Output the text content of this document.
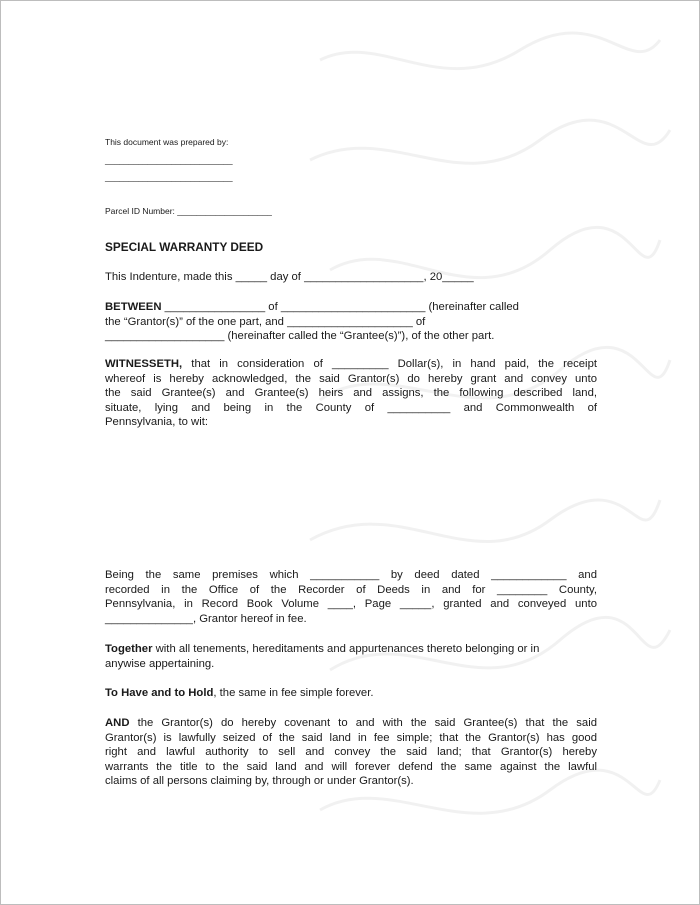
This document was prepared by:
___________________________
___________________________
Parcel ID Number: ____________________
SPECIAL WARRANTY DEED
This Indenture, made this _____ day of ___________________, 20_____
BETWEEN ________________ of _______________________ (hereinafter called
the “Grantor(s)” of the one part, and ____________________ of
___________________ (hereinafter called the “Grantee(s)”), of the other part.
WITNESSETH, that in consideration of _________ Dollar(s), in hand paid, the receipt
whereof is hereby acknowledged, the said Grantor(s) do hereby grant and convey unto
the said Grantee(s) and Grantee(s) heirs and assigns, the following described land,
situate, lying and being in the County of __________ and Commonwealth of
Pennsylvania, to wit:
Being the same premises which ___________ by deed dated ____________ and
recorded in the Office of the Recorder of Deeds in and for ________ County,
Pennsylvania, in Record Book Volume ____, Page _____, granted and conveyed unto
______________, Grantor hereof in fee.
Together with all tenements, hereditaments and appurtenances thereto belonging or in
anywise appertaining.
To Have and to Hold, the same in fee simple forever.
AND the Grantor(s) do hereby covenant to and with the said Grantee(s) that the said
Grantor(s) is lawfully seized of the said land in fee simple; that the Grantor(s) has good
right and lawful authority to sell and convey the said land; that Grantor(s) hereby
warrants the title to the said land and will forever defend the same against the lawful
claims of all persons claiming by, through or under Grantor(s).
